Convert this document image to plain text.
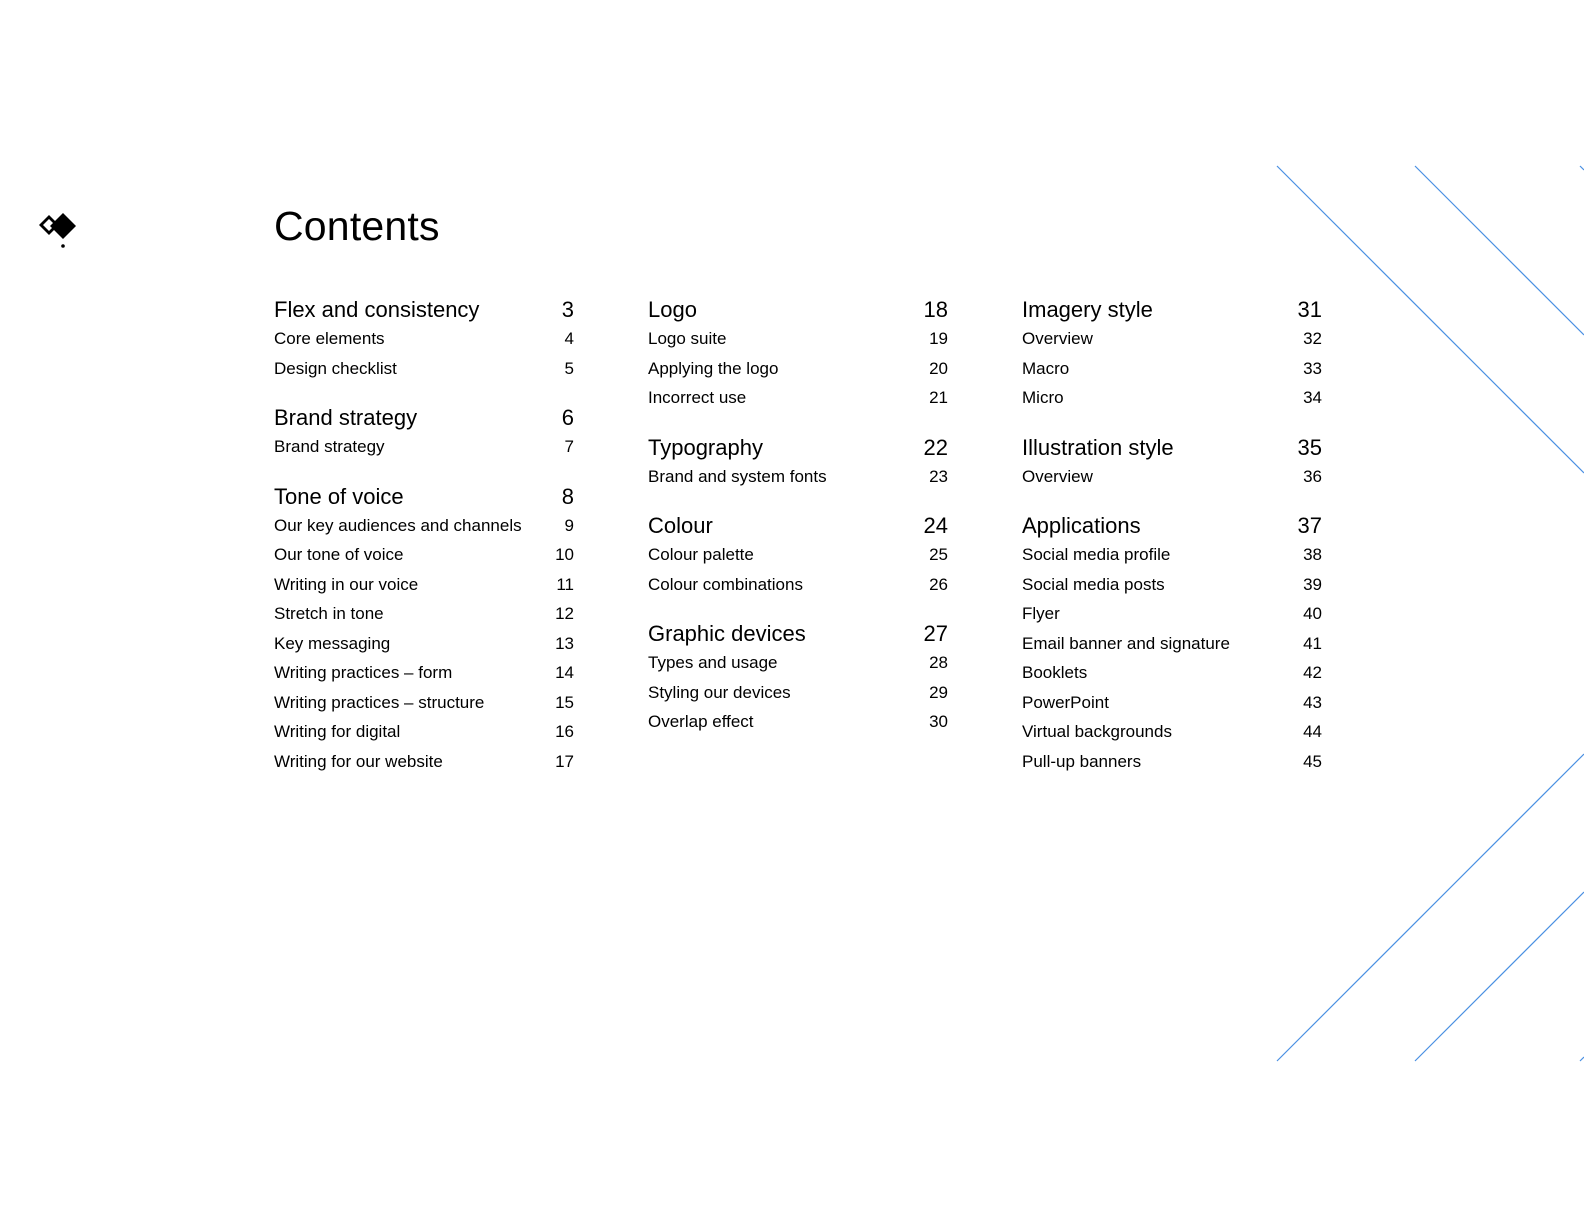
Contents
Flex and consistency	3
Core elements	4
Design checklist	5
Brand strategy	6
Brand strategy	7
Tone of voice	8
Our key audiences and channels	9
Our tone of voice	10
Writing in our voice	11
Stretch in tone	12
Key messaging	13
Writing practices – form	14
Writing practices – structure	15
Writing for digital	16
Writing for our website	17
Logo	18
Logo suite	19
Applying the logo	20
Incorrect use	21
Typography	22
Brand and system fonts	23
Colour	24
Colour palette	25
Colour combinations	26
Graphic devices	27
Types and usage	28
Styling our devices	29
Overlap effect	30
Imagery style	31
Overview	32
Macro	33
Micro	34
Illustration style	35
Overview	36
Applications	37
Social media profile	38
Social media posts	39
Flyer	40
Email banner and signature	41
Booklets	42
PowerPoint	43
Virtual backgrounds	44
Pull-up banners	45
